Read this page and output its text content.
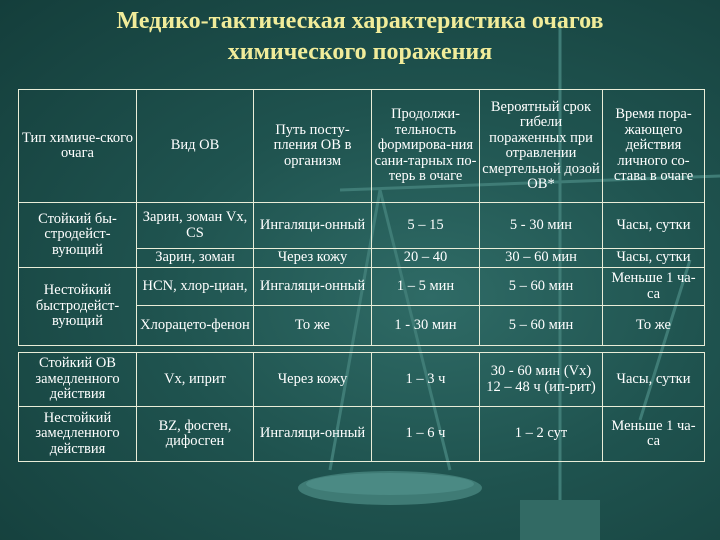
Медико-тактическая характеристика очагов
химического поражения
Тип химиче-ского очага	Вид ОВ	Путь посту-пления ОВ в организм	Продолжи-тельность формирова-ния сани-тарных по-терь в очаге	Вероятный срок гибели пораженных при отравлении смертельной дозой ОВ*	Время пора-жающего действия личного со-става в очаге
Стойкий бы-стродейст-вующий	Зарин, зоман Vx, CS	Ингаляци-онный	5 – 15	5 - 30 мин	Часы, сутки
	Зарин, зоман	Через кожу	20 – 40	30 – 60 мин	Часы, сутки
Нестойкий быстродейст-вующий	HCN, хлор-циан,	Ингаляци-онный	1 – 5 мин	5 – 60 мин	Меньше 1 ча-са
	Хлорацето-фенон	То же	1 - 30 мин	5 – 60 мин	То же

Стойкий ОВ замедленного действия	Vx, иприт	Через кожу	1 – 3 ч	30 - 60 мин (Vx) 12 – 48 ч (ип-рит)	Часы, сутки
Нестойкий замедленного действия	BZ, фосген, дифосген	Ингаляци-онный	1 – 6 ч	1 – 2 сут	Меньше 1 ча-са
